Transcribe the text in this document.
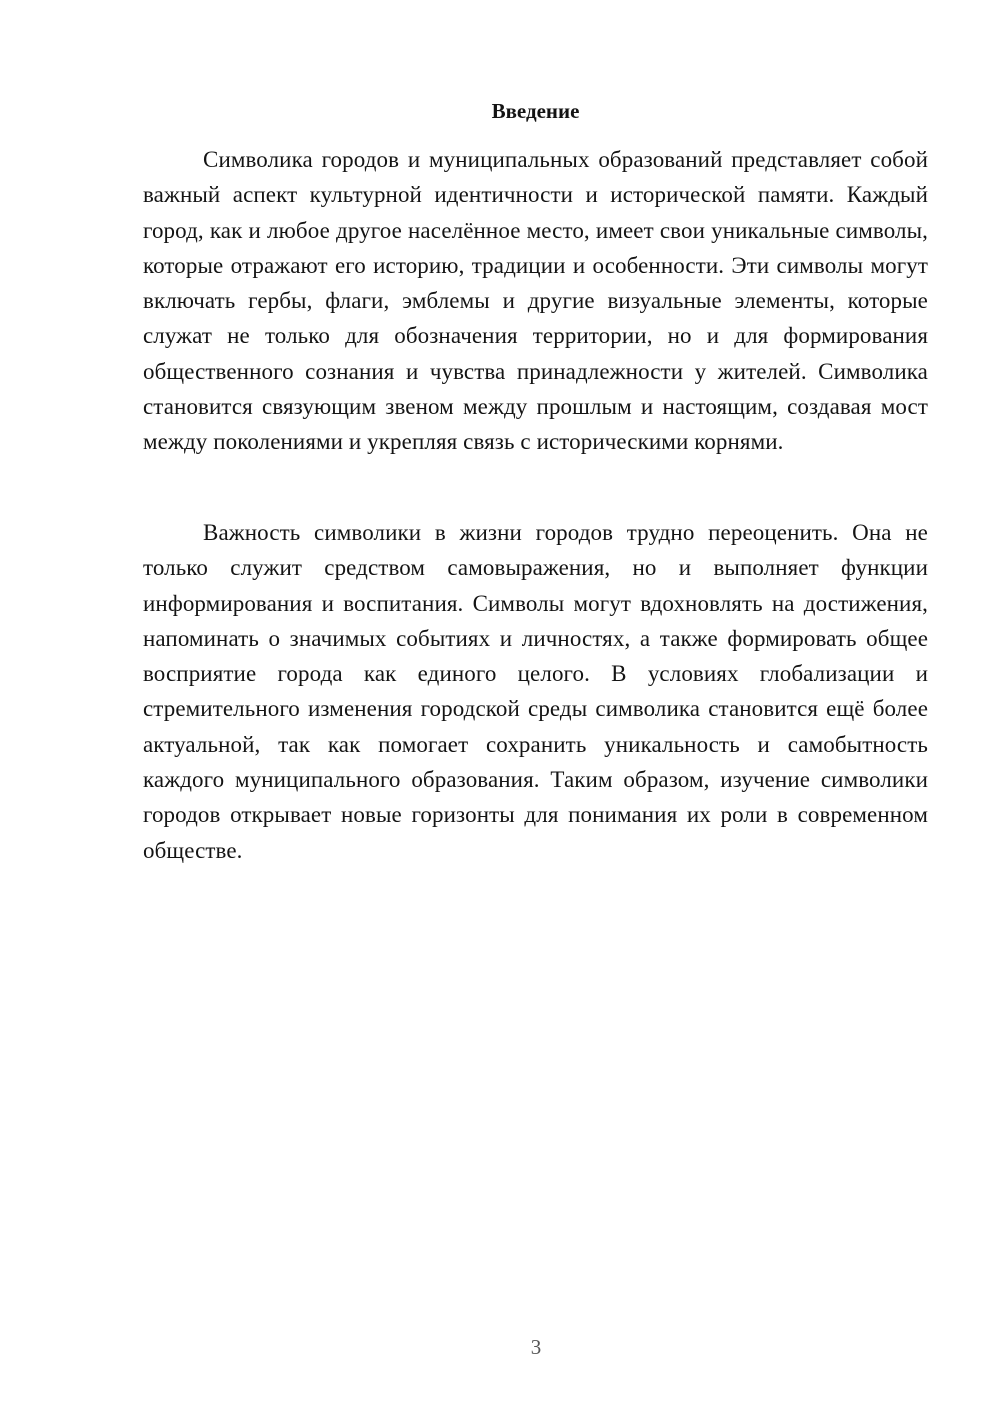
Введение

Символика городов и муниципальных образований представляет собой важный аспект культурной идентичности и исторической памяти. Каждый город, как и любое другое населённое место, имеет свои уникальные символы, которые отражают его историю, традиции и особенности. Эти символы могут включать гербы, флаги, эмблемы и другие визуальные элементы, которые служат не только для обозначения территории, но и для формирования общественного сознания и чувства принадлежности у жителей. Символика становится связующим звеном между прошлым и настоящим, создавая мост между поколениями и укрепляя связь с историческими корнями.

Важность символики в жизни городов трудно переоценить. Она не только служит средством самовыражения, но и выполняет функции информирования и воспитания. Символы могут вдохновлять на достижения, напоминать о значимых событиях и личностях, а также формировать общее восприятие города как единого целого. В условиях глобализации и стремительного изменения городской среды символика становится ещё более актуальной, так как помогает сохранить уникальность и самобытность каждого муниципального образования. Таким образом, изучение символики городов открывает новые горизонты для понимания их роли в современном обществе.

3
